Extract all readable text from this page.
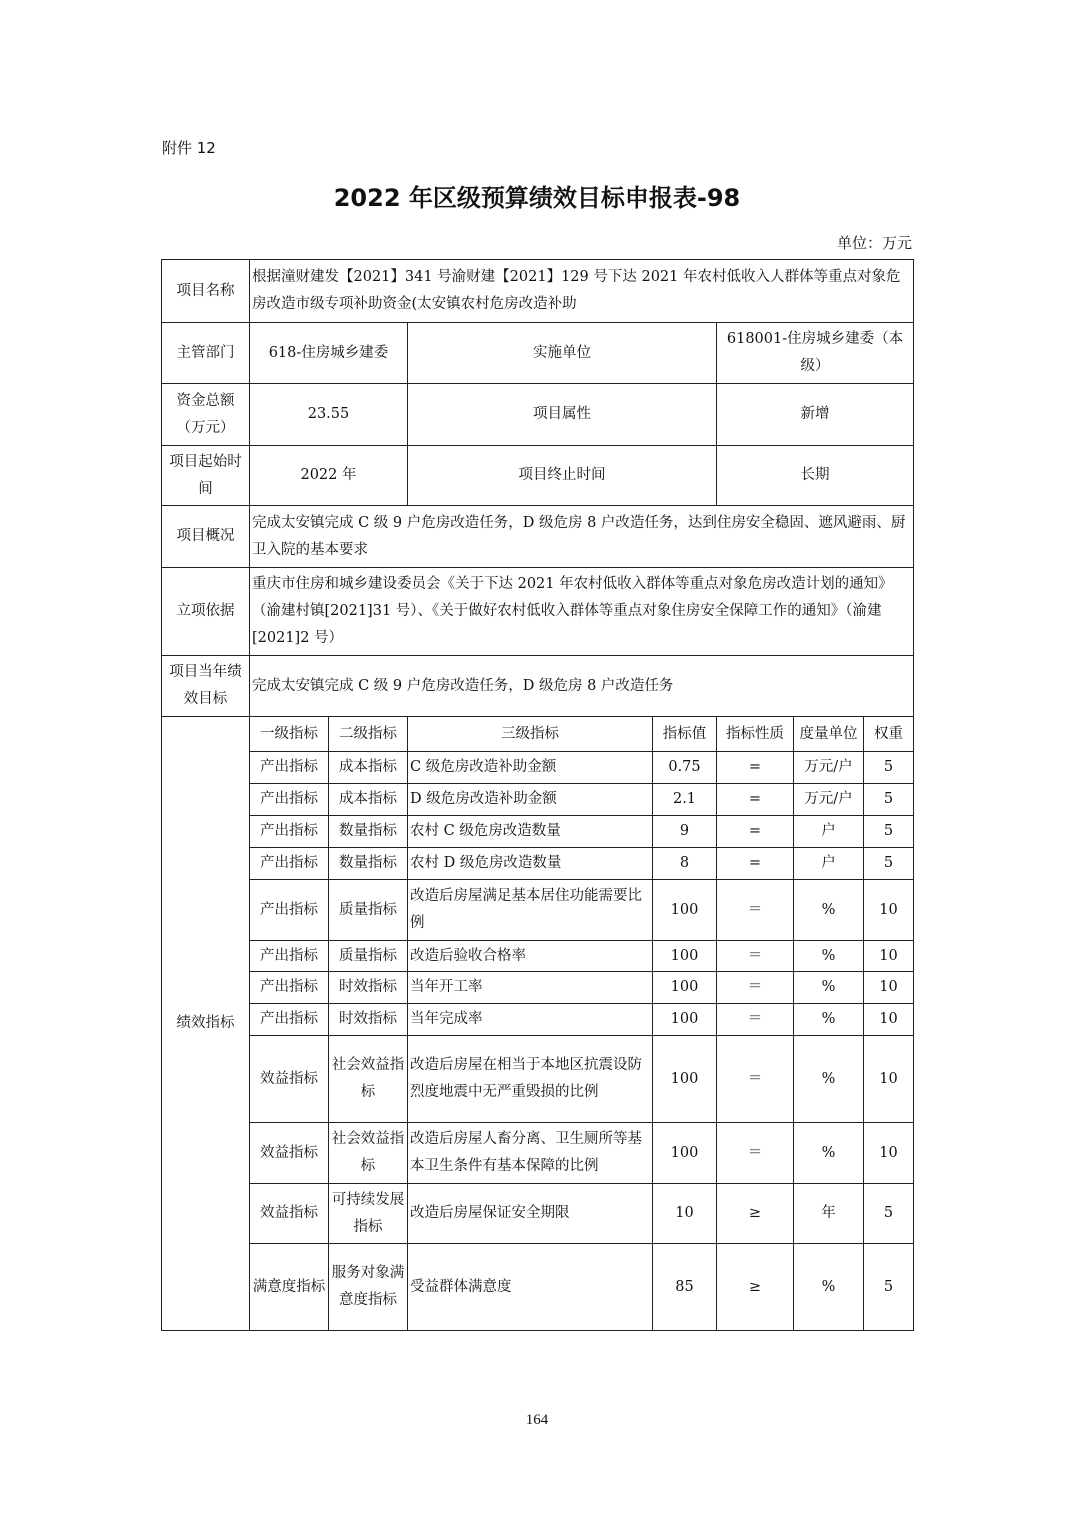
附件 12
2022 年区级预算绩效目标申报表-98
单位：万元
项目名称	根据潼财建发【2021】341 号渝财建【2021】129 号下达 2021 年农村低收入人群体等重点对象危房改造市级专项补助资金(太安镇农村危房改造补助						
主管部门	618-住房城乡建委		实施单位		618001-住房城乡建委（本级）		
资金总额（万元）	23.55		项目属性		新增		
项目起始时间	2022 年		项目终止时间		长期		
项目概况	完成太安镇完成 C 级 9 户危房改造任务，D 级危房 8 户改造任务，达到住房安全稳固、遮风避雨、厨卫入院的基本要求						
立项依据	重庆市住房和城乡建设委员会《关于下达 2021 年农村低收入群体等重点对象危房改造计划的通知》（渝建村镇[2021]31 号）、《关于做好农村低收入群体等重点对象住房安全保障工作的通知》（渝建[2021]2 号）						
项目当年绩效目标	完成太安镇完成 C 级 9 户危房改造任务，D 级危房 8 户改造任务						
绩效指标	一级指标	二级指标	三级指标	指标值	指标性质	度量单位	权重
	产出指标	成本指标	C 级危房改造补助金额	0.75	=	万元/户	5
	产出指标	成本指标	D 级危房改造补助金额	2.1	=	万元/户	5
	产出指标	数量指标	农村 C 级危房改造数量	9	=	户	5
	产出指标	数量指标	农村 D 级危房改造数量	8	=	户	5
	产出指标	质量指标	改造后房屋满足基本居住功能需要比例	100	＝	%	10
	产出指标	质量指标	改造后验收合格率	100	＝	%	10
	产出指标	时效指标	当年开工率	100	＝	%	10
	产出指标	时效指标	当年完成率	100	＝	%	10
	效益指标	社会效益指标	改造后房屋在相当于本地区抗震设防烈度地震中无严重毁损的比例	100	＝	%	10
	效益指标	社会效益指标	改造后房屋人畜分离、卫生厕所等基本卫生条件有基本保障的比例	100	＝	%	10
	效益指标	可持续发展指标	改造后房屋保证安全期限	10	≥	年	5
	满意度指标	服务对象满意度指标	受益群体满意度	85	≥	%	5
164
